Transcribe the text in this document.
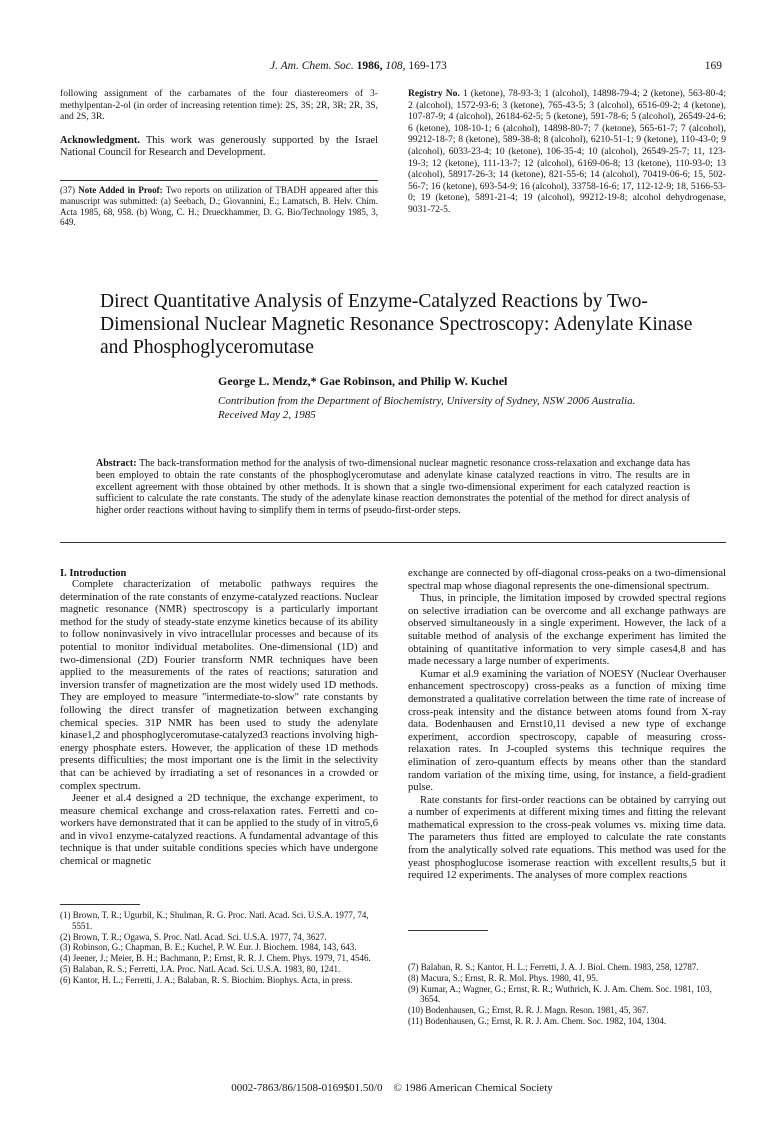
J. Am. Chem. Soc. 1986, 108, 169-173	169
following assignment of the carbamates of the four diastereomers of 3-methylpentan-2-ol (in order of increasing retention time): 2S, 3S; 2R, 3R; 2R, 3S, and 2S, 3R.
Acknowledgment. This work was generously supported by the Israel National Council for Research and Development.
(37) Note Added in Proof: Two reports on utilization of TBADH appeared after this manuscript was submitted: (a) Seebach, D.; Giovannini, E.; Lamatsch, B. Helv. Chim. Acta 1985, 68, 958. (b) Wong, C. H.; Drueckhammer, D. G. Bio/Technology 1985, 3, 649.
Registry No. 1 (ketone), 78-93-3; 1 (alcohol), 14898-79-4; 2 (ketone), 563-80-4; 2 (alcohol), 1572-93-6; 3 (ketone), 765-43-5; 3 (alcohol), 6516-09-2; 4 (ketone), 107-87-9; 4 (alcohol), 26184-62-5; 5 (ketone), 591-78-6; 5 (alcohol), 26549-24-6; 6 (ketone), 108-10-1; 6 (alcohol), 14898-80-7; 7 (ketone), 565-61-7; 7 (alcohol), 99212-18-7; 8 (ketone), 589-38-8; 8 (alcohol), 6210-51-1; 9 (ketone), 110-43-0; 9 (alcohol), 6033-23-4; 10 (ketone), 106-35-4; 10 (alcohol), 26549-25-7; 11, 123-19-3; 12 (ketone), 111-13-7; 12 (alcohol), 6169-06-8; 13 (ketone), 110-93-0; 13 (alcohol), 58917-26-3; 14 (ketone), 821-55-6; 14 (alcohol), 70419-06-6; 15, 502-56-7; 16 (ketone), 693-54-9; 16 (alcohol), 33758-16-6; 17, 112-12-9; 18, 5166-53-0; 19 (ketone), 5891-21-4; 19 (alcohol), 99212-19-8; alcohol dehydrogenase, 9031-72-5.
Direct Quantitative Analysis of Enzyme-Catalyzed Reactions by Two-Dimensional Nuclear Magnetic Resonance Spectroscopy: Adenylate Kinase and Phosphoglyceromutase
George L. Mendz,* Gae Robinson, and Philip W. Kuchel
Contribution from the Department of Biochemistry, University of Sydney, NSW 2006 Australia.
Received May 2, 1985
Abstract: The back-transformation method for the analysis of two-dimensional nuclear magnetic resonance cross-relaxation and exchange data has been employed to obtain the rate constants of the phosphoglyceromutase and adenylate kinase catalyzed reactions in vitro. The results are in excellent agreement with those obtained by other methods. It is shown that a single two-dimensional experiment for each catalyzed reaction is sufficient to calculate the rate constants. The study of the adenylate kinase reaction demonstrates the potential of the method for direct analysis of higher order reactions without having to simplify them in terms of pseudo-first-order steps.
I. Introduction

Complete characterization of metabolic pathways requires the determination of the rate constants of enzyme-catalyzed reactions. Nuclear magnetic resonance (NMR) spectroscopy is a particularly important method for the study of steady-state enzyme kinetics because of its ability to follow noninvasively in vivo intracellular processes and because of its potential to monitor individual metabolites. One-dimensional (1D) and two-dimensional (2D) Fourier transform NMR techniques have been applied to the measurements of the rates of reactions; saturation and inversion transfer of magnetization are the most widely used 1D methods. They are employed to measure "intermediate-to-slow" rate constants by following the direct transfer of magnetization between exchanging chemical species. 31P NMR has been used to study the adenylate kinase1,2 and phosphoglyceromutase-catalyzed3 reactions involving high-energy phosphate esters. However, the application of these 1D methods presents difficulties; the most important one is the limit in the selectivity that can be achieved by irradiating a set of resonances in a crowded or complex spectrum.

Jeener et al.4 designed a 2D technique, the exchange experiment, to measure chemical exchange and cross-relaxation rates. Ferretti and co-workers have demonstrated that it can be applied to the study of in vitro5,6 and in vivo1 enzyme-catalyzed reactions. A fundamental advantage of this technique is that under suitable conditions species which have undergone chemical or magnetic

exchange are connected by off-diagonal cross-peaks on a two-dimensional spectral map whose diagonal represents the one-dimensional spectrum.

Thus, in principle, the limitation imposed by crowded spectral regions on selective irradiation can be overcome and all exchange pathways are observed simultaneously in a single experiment. However, the lack of a suitable method of analysis of the exchange experiment has limited the obtaining of quantitative information to very simple cases4,8 and has made necessary a large number of experiments.

Kumar et al.9 examining the variation of NOESY (Nuclear Overhauser enhancement spectroscopy) cross-peaks as a function of mixing time demonstrated a qualitative correlation between the time rate of increase of cross-peak intensity and the distance between atoms found from X-ray data. Bodenhausen and Ernst10,11 devised a new type of exchange experiment, accordion spectroscopy, capable of measuring cross-relaxation rates. In J-coupled systems this technique requires the elimination of zero-quantum effects by means other than the standard random variation of the mixing time, using, for instance, a field-gradient pulse.

Rate constants for first-order reactions can be obtained by carrying out a number of experiments at different mixing times and fitting the relevant mathematical expression to the cross-peak volumes vs. mixing time data. The parameters thus fitted are employed to calculate the rate constants from the analytically solved rate equations. This method was used for the yeast phosphoglucose isomerase reaction with excellent results,5 but it required 12 experiments. The analyses of more complex reactions

(1) Brown, T. R.; Ugurbil, K.; Shulman, R. G. Proc. Natl. Acad. Sci. U.S.A. 1977, 74, 5551.
(2) Brown, T. R.; Ogawa, S. Proc. Natl. Acad. Sci. U.S.A. 1977, 74, 3627.
(3) Robinson, G.; Chapman, B. E.; Kuchel, P. W. Eur. J. Biochem. 1984, 143, 643.
(4) Jeener, J.; Meier, B. H.; Bachmann, P.; Ernst, R. R. J. Chem. Phys. 1979, 71, 4546.
(5) Balaban, R. S.; Ferretti, J.A. Proc. Natl. Acad. Sci. U.S.A. 1983, 80, 1241.
(6) Kantor, H. L.; Ferretti, J. A.; Balaban, R. S. Biochim. Biophys. Acta, in press.
(7) Balaban, R. S.; Kantor, H. L.; Ferretti, J. A. J. Biol. Chem. 1983, 258, 12787.
(8) Macura, S.; Ernst, R. R. Mol. Phys. 1980, 41, 95.
(9) Kumar, A.; Wagner, G.; Ernst, R. R.; Wuthrich, K. J. Am. Chem. Soc. 1981, 103, 3654.
(10) Bodenhausen, G.; Ernst, R. R. J. Magn. Reson. 1981, 45, 367.
(11) Bodenhausen, G.; Ernst, R. R. J. Am. Chem. Soc. 1982, 104, 1304.
0002-7863/86/1508-0169$01.50/0 © 1986 American Chemical Society
